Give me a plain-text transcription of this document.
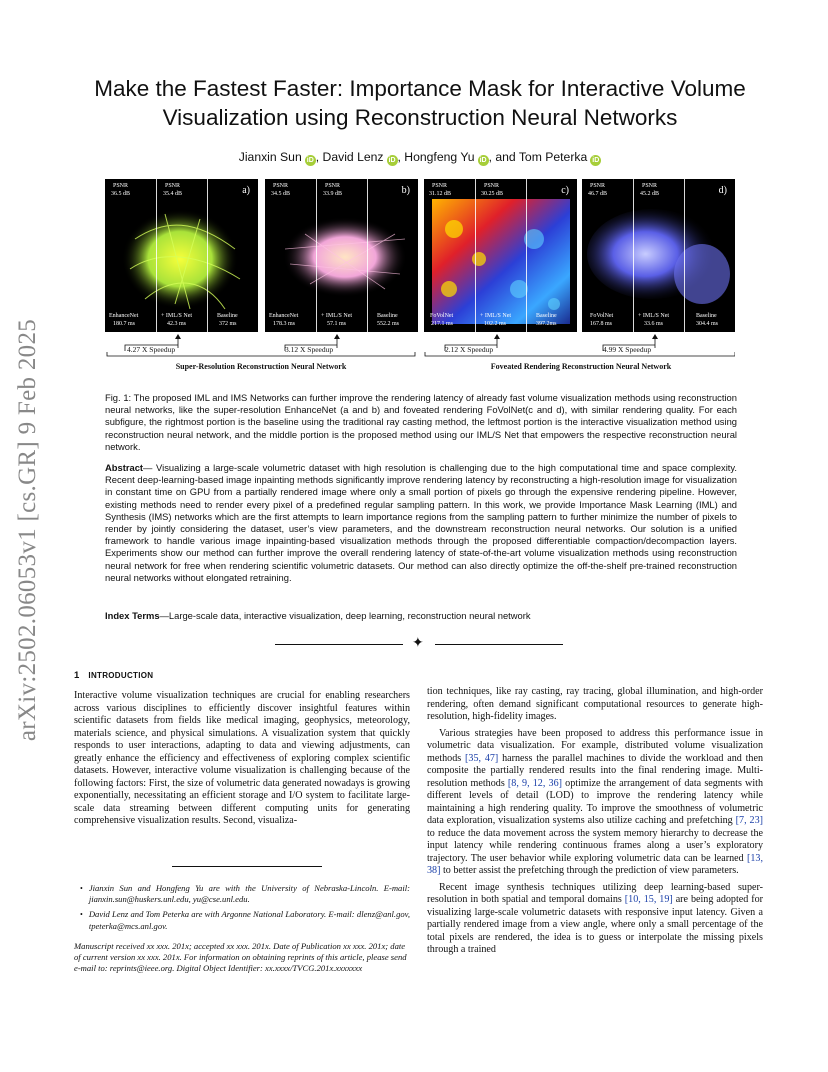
arXiv:2502.06053v1 [cs.GR] 9 Feb 2025
Make the Fastest Faster: Importance Mask for Interactive Volume
Visualization using Reconstruction Neural Networks
Jianxin Sun iD , David Lenz iD , Hongfeng Yu iD , and Tom Peterka iD
PSNR
36.5 dB
PSNR
35.4 dB	a)
EnhanceNet
180.7 ms
+ IML/S Net
42.3 ms
Baseline
372 ms
PSNR
34.5 dB
PSNR
33.9 dB	b)
EnhanceNet
178.3 ms
+ IML/S Net
57.1 ms
Baseline
552.2 ms
PSNR
31.12 dB
PSNR
30.25 dB	c)
FoVolNet
217.1 ms
+ IML/S Net
102.2 ms
Baseline
397.2ms
PSNR
46.7 dB
PSNR
45.2 dB	d)
FoVolNet
167.8 ms
+ IML/S Net
33.6 ms
Baseline
304.4 ms
4.27 X Speedup	3.12 X Speedup	2.12 X Speedup	4.99 X Speedup
Super-Resolution Reconstruction Neural Network	Foveated Rendering Reconstruction Neural Network
Fig. 1: The proposed IML and IMS Networks can further improve the rendering latency of already fast volume visualization methods using reconstruction neural networks, like the super-resolution EnhanceNet (a and b) and foveated rendering FoVolNet(c and d), with similar rendering quality. For each subfigure, the rightmost portion is the baseline using the traditional ray casting method, the leftmost portion is the interactive visualization method using reconstruction neural network, and the middle portion is the proposed method using our IML/S Net that empowers the respective reconstruction neural network.
Abstract— Visualizing a large-scale volumetric dataset with high resolution is challenging due to the high computational time and space complexity. Recent deep-learning-based image inpainting methods significantly improve rendering latency by reconstructing a high-resolution image for visualization in constant time on GPU from a partially rendered image where only a small portion of pixels go through the expensive rendering pipeline. However, existing methods need to render every pixel of a predefined regular sampling pattern. In this work, we provide Importance Mask Learning (IML) and Synthesis (IMS) networks which are the first attempts to learn importance regions from the sampling pattern to further minimize the number of pixels to render by jointly considering the dataset, user’s view parameters, and the downstream reconstruction neural networks. Our solution is a unified framework to handle various image inpainting-based visualization methods through the proposed differentiable compaction/decompaction layers. Experiments show our method can further improve the overall rendering latency of state-of-the-art volume visualization methods using reconstruction neural network for free when rendering scientific volumetric datasets. Our method can also directly optimize the off-the-shelf pre-trained reconstruction neural networks without elongated retraining.
Index Terms—Large-scale data, interactive visualization, deep learning, reconstruction neural network
✦
1 INTRODUCTION

Interactive volume visualization techniques are crucial for enabling researchers across various disciplines to efficiently discover insightful features within scientific datasets from fields like medical imaging, geophysics, meteorology, materials science, and physical simulations. A visualization system that quickly responds to user interactions, adapting to data and viewing adjustments, can greatly enhance the efficiency and effectiveness of exploring complex scientific datasets. However, interactive volume visualization is challenging because of the following factors: First, the size of volumetric data generated nowadays is growing exponentially, necessitating an efficient storage and I/O system to facilitate large-scale data streaming between different computing units for generating comprehensive visualization results. Second, visualiza-

• Jianxin Sun and Hongfeng Yu are with the University of Nebraska-Lincoln. E-mail: jianxin.sun@huskers.unl.edu, yu@cse.unl.edu.
• David Lenz and Tom Peterka are with Argonne National Laboratory. E-mail: dlenz@anl.gov, tpeterka@mcs.anl.gov.
Manuscript received xx xxx. 201x; accepted xx xxx. 201x. Date of Publication xx xxx. 201x; date of current version xx xxx. 201x. For information on obtaining reprints of this article, please send e-mail to: reprints@ieee.org. Digital Object Identifier: xx.xxxx/TVCG.201x.xxxxxxx

tion techniques, like ray casting, ray tracing, global illumination, and high-order rendering, often demand significant computational resources to generate high-resolution, high-fidelity images.

Various strategies have been proposed to address this performance issue in volumetric data visualization. For example, distributed volume visualization methods [35, 47] harness the parallel machines to divide the workload and then composite the partially rendered results into the final rendering image. Multi-resolution methods [8, 9, 12, 36] optimize the arrangement of data segments with different levels of detail (LOD) to improve the rendering latency while maintaining a high rendering quality. To improve the smoothness of volumetric data exploration, visualization systems also utilize caching and prefetching [7, 23] to reduce the data movement across the system memory hierarchy to decrease the input latency while rendering continuous frames along a user’s exploratory trajectory. The user behavior while exploring volumetric data can be learned [13, 38] to better assist the prefetching through the prediction of view parameters.

Recent image synthesis techniques utilizing deep learning-based super-resolution in both spatial and temporal domains [10, 15, 19] are being adopted for visualizing large-scale volumetric datasets with responsive input latency. Given a partially rendered image from a view angle, where only a small percentage of the total pixels are rendered, the idea is to guess or interpolate the missing pixels through a trained
